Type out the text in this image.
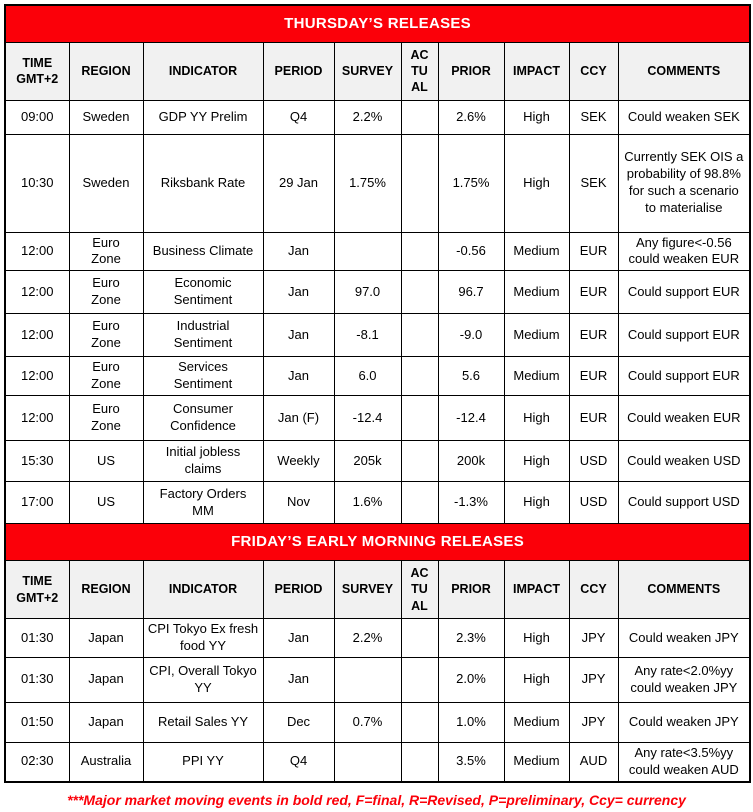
THURSDAY’S RELEASES									
TIME GMT+2	REGION	INDICATOR	PERIOD	SURVEY	ACTUAL	PRIOR	IMPACT	CCY	COMMENTS
09:00	Sweden	GDP YY Prelim	Q4	2.2%		2.6%	High	SEK	Could weaken SEK
10:30	Sweden	Riksbank Rate	29 Jan	1.75%		1.75%	High	SEK	Currently SEK OIS a probability of 98.8% for such a scenario to materialise
12:00	Euro Zone	Business Climate	Jan			-0.56	Medium	EUR	Any figure<-0.56 could weaken EUR
12:00	Euro Zone	Economic Sentiment	Jan	97.0		96.7	Medium	EUR	Could support EUR
12:00	Euro Zone	Industrial Sentiment	Jan	-8.1		-9.0	Medium	EUR	Could support EUR
12:00	Euro Zone	Services Sentiment	Jan	6.0		5.6	Medium	EUR	Could support EUR
12:00	Euro Zone	Consumer Confidence	Jan (F)	-12.4		-12.4	High	EUR	Could weaken EUR
15:30	US	Initial jobless claims	Weekly	205k		200k	High	USD	Could weaken USD
17:00	US	Factory Orders MM	Nov	1.6%		-1.3%	High	USD	Could support USD
FRIDAY’S EARLY MORNING RELEASES									
TIME GMT+2	REGION	INDICATOR	PERIOD	SURVEY	ACTUAL	PRIOR	IMPACT	CCY	COMMENTS
01:30	Japan	CPI Tokyo Ex fresh food YY	Jan	2.2%		2.3%	High	JPY	Could weaken JPY
01:30	Japan	CPI, Overall Tokyo YY	Jan			2.0%	High	JPY	Any rate<2.0%yy could weaken JPY
01:50	Japan	Retail Sales YY	Dec	0.7%		1.0%	Medium	JPY	Could weaken JPY
02:30	Australia	PPI YY	Q4			3.5%	Medium	AUD	Any rate<3.5%yy could weaken AUD
***Major market moving events in bold red, F=final, R=Revised, P=preliminary, Ccy= currency
